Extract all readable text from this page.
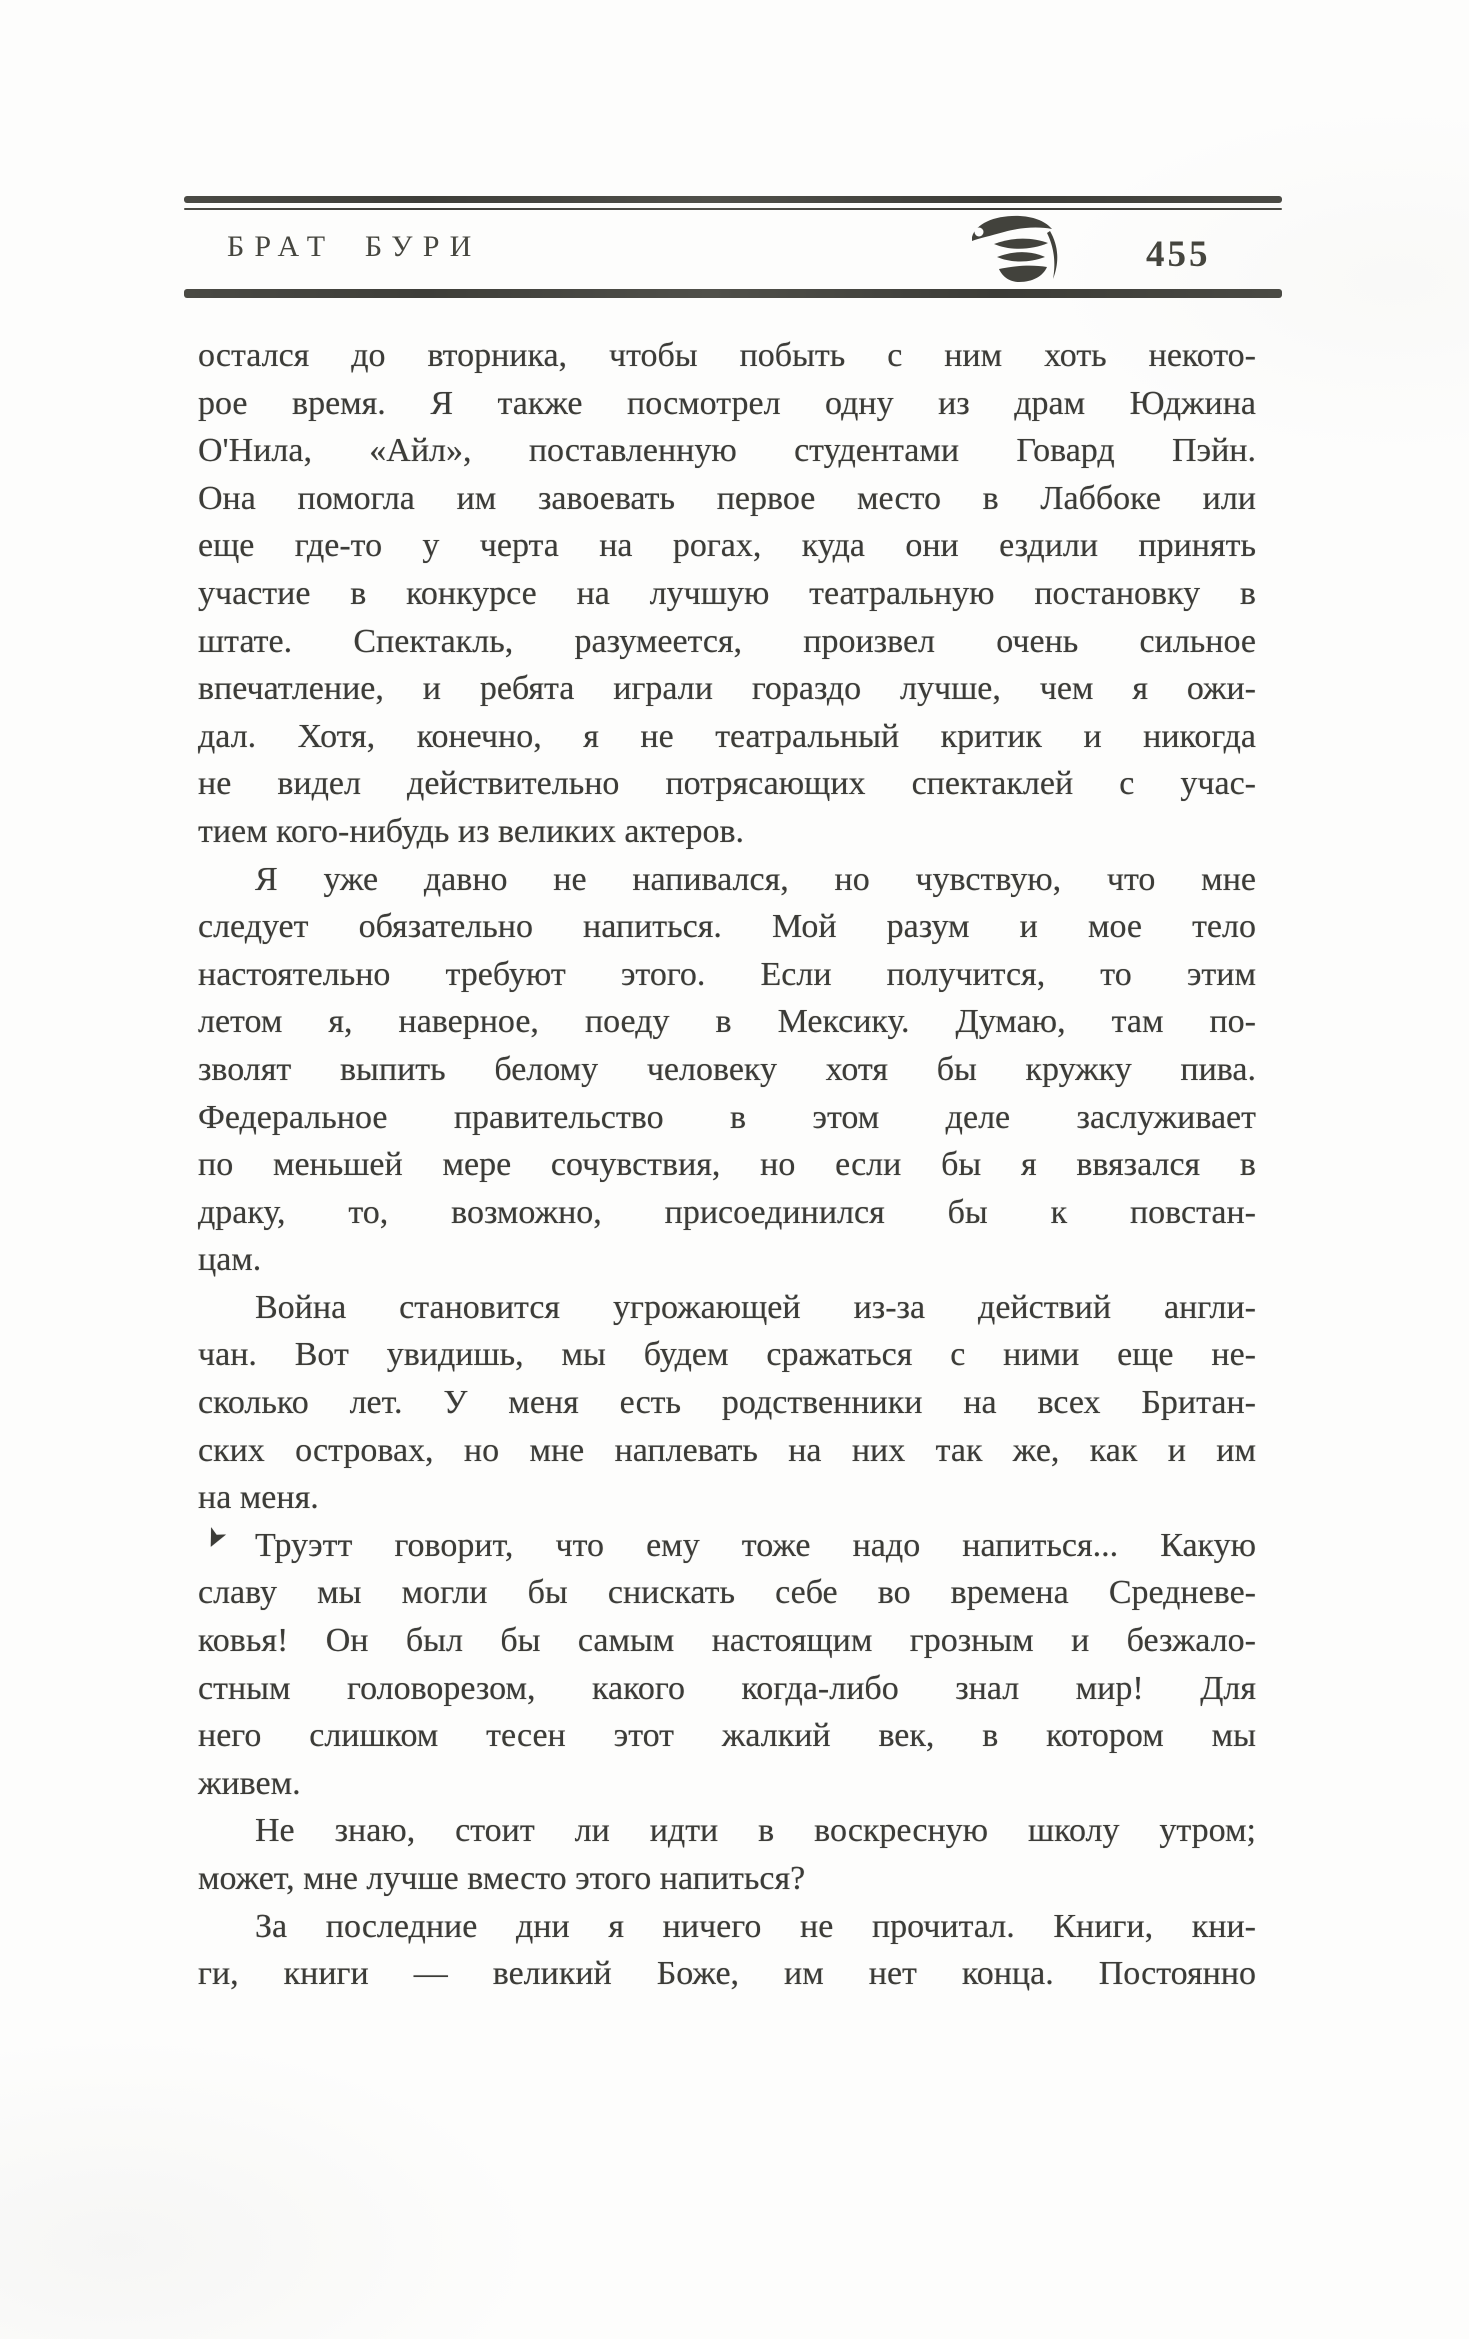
БРАТ БУРИ	455
остался до вторника, чтобы побыть с ним хоть некото-
рое время. Я также посмотрел одну из драм Юджина
О'Нила, «Айл», поставленную студентами Говард Пэйн.
Она помогла им завоевать первое место в Лаббоке или
еще где-то у черта на рогах, куда они ездили принять
участие в конкурсе на лучшую театральную постановку в
штате. Спектакль, разумеется, произвел очень сильное
впечатление, и ребята играли гораздо лучше, чем я ожи-
дал. Хотя, конечно, я не театральный критик и никогда
не видел действительно потрясающих спектаклей с учас-
тием кого-нибудь из великих актеров.
Я уже давно не напивался, но чувствую, что мне
следует обязательно напиться. Мой разум и мое тело
настоятельно требуют этого. Если получится, то этим
летом я, наверное, поеду в Мексику. Думаю, там по-
зволят выпить белому человеку хотя бы кружку пива.
Федеральное правительство в этом деле заслуживает
по меньшей мере сочувствия, но если бы я ввязался в
драку, то, возможно, присоединился бы к повстан-
цам.
Война становится угрожающей из-за действий англи-
чан. Вот увидишь, мы будем сражаться с ними еще не-
сколько лет. У меня есть родственники на всех Британ-
ских островах, но мне наплевать на них так же, как и им
на меня.
➤ Труэтт говорит, что ему тоже надо напиться... Какую
славу мы могли бы снискать себе во времена Средневе-
ковья! Он был бы самым настоящим грозным и безжало-
стным головорезом, какого когда-либо знал мир! Для
него слишком тесен этот жалкий век, в котором мы
живем.
Не знаю, стоит ли идти в воскресную школу утром;
может, мне лучше вместо этого напиться?
За последние дни я ничего не прочитал. Книги, кни-
ги, книги — великий Боже, им нет конца. Постоянно
